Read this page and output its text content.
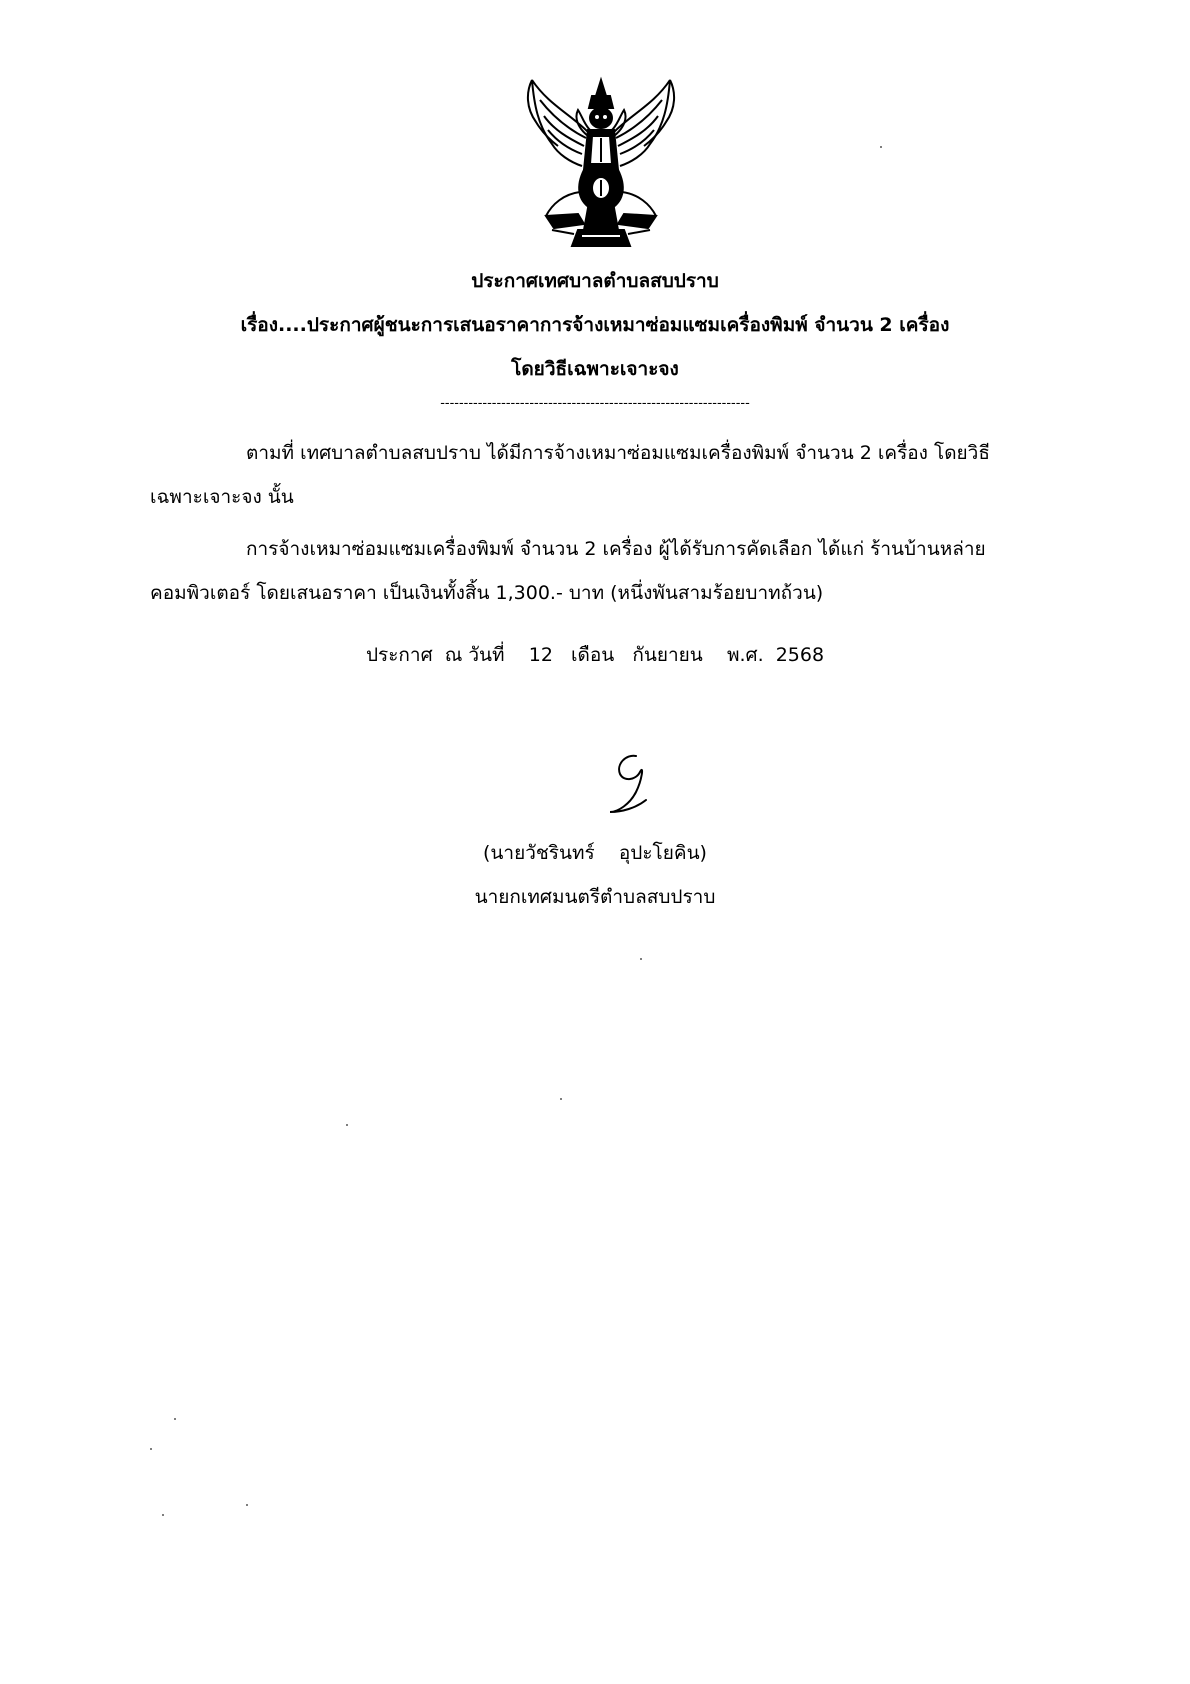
ประกาศเทศบาลตำบลสบปราบ
เรื่อง....ประกาศผู้ชนะการเสนอราคาการจ้างเหมาซ่อมแซมเครื่องพิมพ์ จำนวน 2 เครื่อง
โดยวิธีเฉพาะเจาะจง
------------------------------------------------------------------
ตามที่ เทศบาลตำบลสบปราบ ได้มีการจ้างเหมาซ่อมแซมเครื่องพิมพ์ จำนวน 2 เครื่อง โดยวิธี
เฉพาะเจาะจง นั้น
การจ้างเหมาซ่อมแซมเครื่องพิมพ์ จำนวน 2 เครื่อง ผู้ได้รับการคัดเลือก ได้แก่ ร้านบ้านหล่าย
คอมพิวเตอร์ โดยเสนอราคา เป็นเงินทั้งสิ้น 1,300.- บาท (หนึ่งพันสามร้อยบาทถ้วน)
ประกาศ  ณ วันที่    12   เดือน   กันยายน    พ.ศ.  2568
(นายวัชรินทร์    อุปะโยคิน)
นายกเทศมนตรีตำบลสบปราบ
